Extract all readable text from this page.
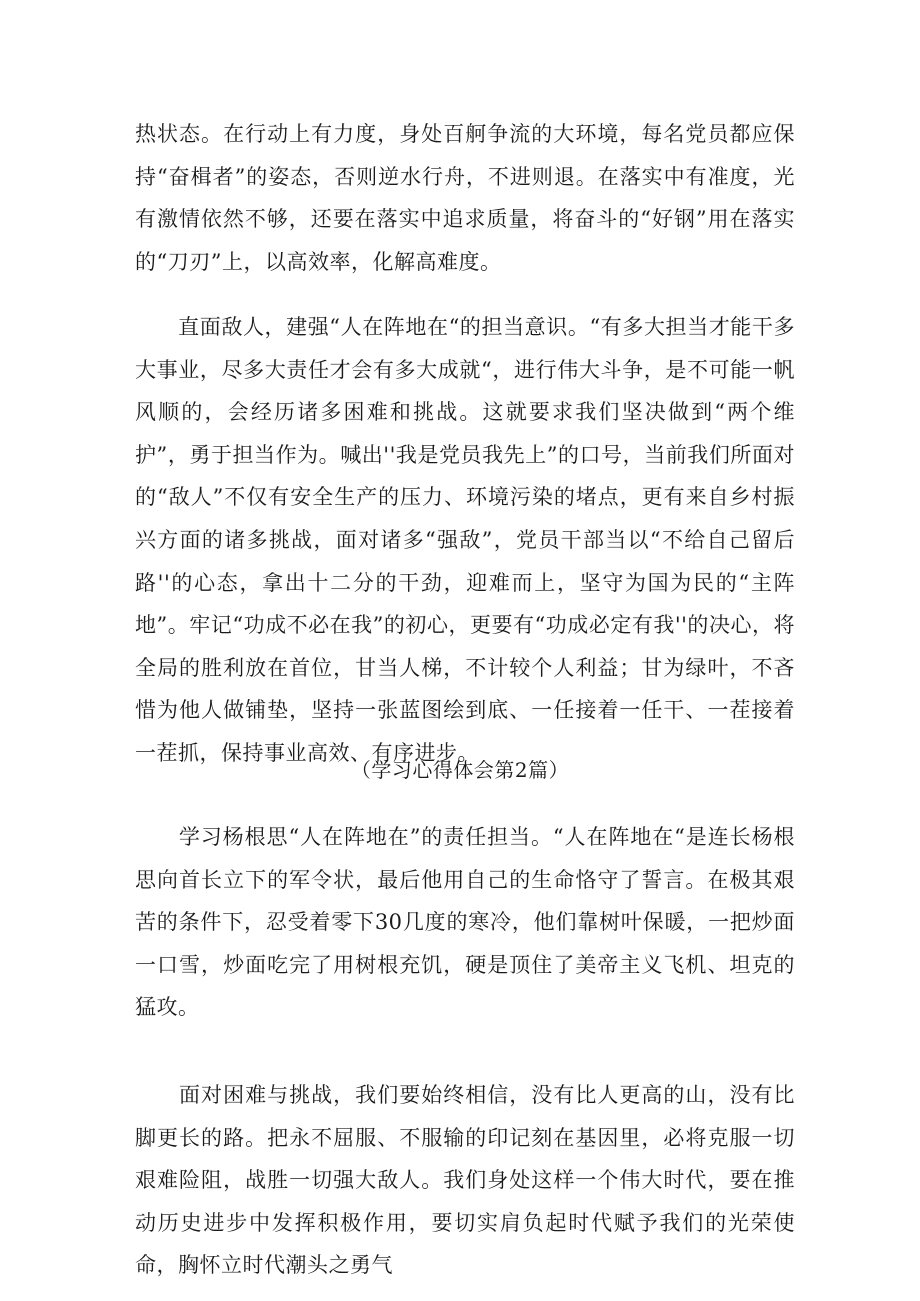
热状态。在行动上有力度，身处百舸争流的大环境，每名党员都应保持“奋楫者”的姿态，否则逆水行舟，不进则退。在落实中有准度，光有激情依然不够，还要在落实中追求质量，将奋斗的“好钢”用在落实的“刀刃”上，以高效率，化解高难度。

　　直面敌人，建强“人在阵地在“的担当意识。“有多大担当才能干多大事业，尽多大责任才会有多大成就“，进行伟大斗争，是不可能一帆风顺的，会经历诸多困难和挑战。这就要求我们坚决做到“两个维护”，勇于担当作为。喊出''我是党员我先上”的口号，当前我们所面对的“敌人”不仅有安全生产的压力、环境污染的堵点，更有来自乡村振兴方面的诸多挑战，面对诸多“强敌”，党员干部当以“不给自己留后路''的心态，拿出十二分的干劲，迎难而上，坚守为国为民的“主阵地”。牢记“功成不必在我”的初心，更要有“功成必定有我''的决心，将全局的胜利放在首位，甘当人梯，不计较个人利益；甘为绿叶，不吝惜为他人做铺垫，坚持一张蓝图绘到底、一任接着一任干、一茬接着一茬抓，保持事业高效、有序进步。

（学习心得体会第2篇）

　　学习杨根思“人在阵地在”的责任担当。“人在阵地在“是连长杨根思向首长立下的军令状，最后他用自己的生命恪守了誓言。在极其艰苦的条件下，忍受着零下30几度的寒冷，他们靠树叶保暖，一把炒面一口雪，炒面吃完了用树根充饥，硬是顶住了美帝主义飞机、坦克的猛攻。

　　面对困难与挑战，我们要始终相信，没有比人更高的山，没有比脚更长的路。把永不屈服、不服输的印记刻在基因里，必将克服一切艰难险阻，战胜一切强大敌人。我们身处这样一个伟大时代，要在推动历史进步中发挥积极作用，要切实肩负起时代赋予我们的光荣使命，胸怀立时代潮头之勇气
